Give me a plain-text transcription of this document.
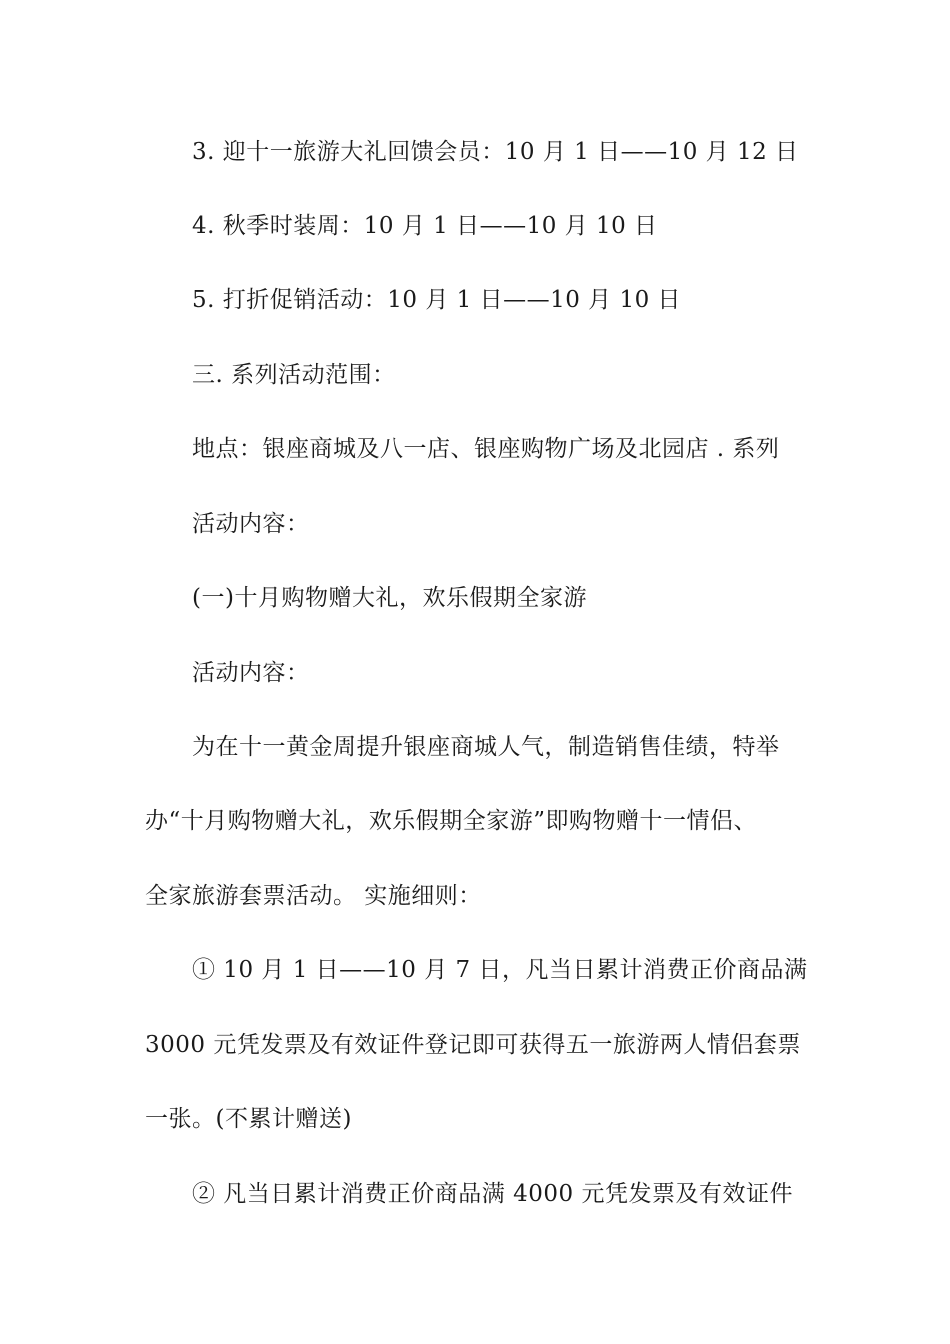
3. 迎十一旅游大礼回馈会员：10 月 1 日——10 月 12 日
4. 秋季时装周：10 月 1 日——10 月 10 日
5. 打折促销活动：10 月 1 日——10 月 10 日
三. 系列活动范围：
地点：银座商城及八一店、银座购物广场及北园店 . 系列
活动内容：
(一)十月购物赠大礼，欢乐假期全家游
活动内容：
为在十一黄金周提升银座商城人气，制造销售佳绩，特举
办“十月购物赠大礼，欢乐假期全家游”即购物赠十一情侣、
全家旅游套票活动。 实施细则：
① 10 月 1 日——10 月 7 日，凡当日累计消费正价商品满
3000 元凭发票及有效证件登记即可获得五一旅游两人情侣套票
一张。(不累计赠送)
② 凡当日累计消费正价商品满 4000 元凭发票及有效证件
